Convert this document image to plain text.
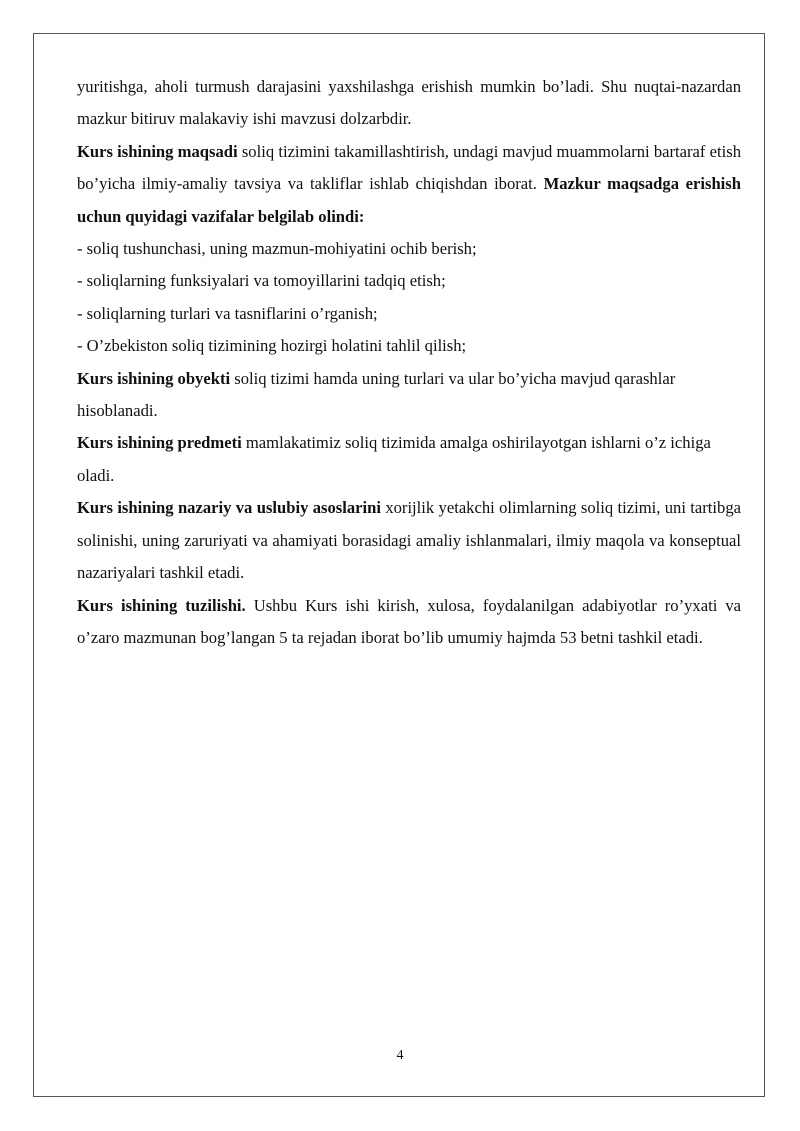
yuritishga, aholi turmush darajasini yaxshilashga erishish mumkin bo’ladi. Shu nuqtai-nazardan mazkur bitiruv malakaviy ishi mavzusi dolzarbdir.

Kurs ishining maqsadi soliq tizimini takamillashtirish, undagi mavjud muammolarni bartaraf etish bo’yicha ilmiy-amaliy tavsiya va takliflar ishlab chiqishdan iborat. Mazkur maqsadga erishish uchun quyidagi vazifalar belgilab olindi:

- soliq tushunchasi, uning mazmun-mohiyatini ochib berish;

- soliqlarning funksiyalari va tomoyillarini tadqiq etish;

- soliqlarning turlari va tasniflarini o’rganish;

- O’zbekiston soliq tizimining hozirgi holatini tahlil qilish;

Kurs ishining obyekti soliq tizimi hamda uning turlari va ular bo’yicha mavjud qarashlar hisoblanadi.

Kurs ishining predmeti mamlakatimiz soliq tizimida amalga oshirilayotgan ishlarni o’z ichiga oladi.

Kurs ishining nazariy va uslubiy asoslarini xorijlik yetakchi olimlarning soliq tizimi, uni tartibga solinishi, uning zaruriyati va ahamiyati borasidagi amaliy ishlanmalari, ilmiy maqola va konseptual nazariyalari tashkil etadi.

Kurs ishining tuzilishi. Ushbu Kurs ishi kirish, xulosa, foydalanilgan adabiyotlar ro’yxati va o’zaro mazmunan bog’langan 5 ta rejadan iborat bo’lib umumiy hajmda 53 betni tashkil etadi.

4
